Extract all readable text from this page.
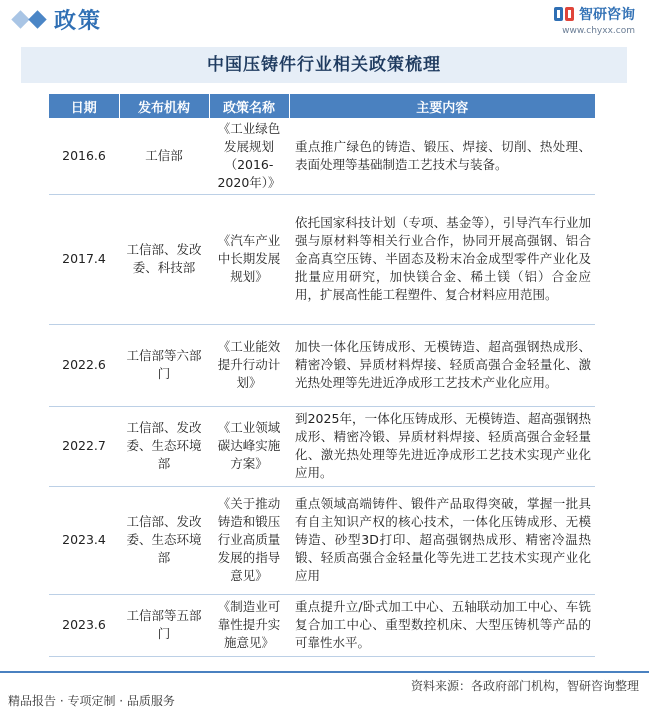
政策	智研咨询
www.chyxx.com
中国压铸件行业相关政策梳理
日期	发布机构	政策名称	主要内容
2016.6	工信部	《工业绿色发展规划（2016-2020年）》	重点推广绿色的铸造、锻压、焊接、切削、热处理、表面处理等基础制造工艺技术与装备。
2017.4	工信部、发改委、科技部	《汽车产业中长期发展规划》	依托国家科技计划（专项、基金等），引导汽车行业加强与原材料等相关行业合作，协同开展高强钢、铝合金高真空压铸、半固态及粉末冶金成型零件产业化及批量应用研究，加快镁合金、稀土镁（铝）合金应用，扩展高性能工程塑件、复合材料应用范围。
2022.6	工信部等六部门	《工业能效提升行动计划》	加快一体化压铸成形、无模铸造、超高强钢热成形、精密冷锻、异质材料焊接、轻质高强合金轻量化、激光热处理等先进近净成形工艺技术产业化应用。
2022.7	工信部、发改委、生态环境部	《工业领域碳达峰实施方案》	到2025年，一体化压铸成形、无模铸造、超高强钢热成形、精密冷锻、异质材料焊接、轻质高强合金轻量化、激光热处理等先进近净成形工艺技术实现产业化应用。
2023.4	工信部、发改委、生态环境部	《关于推动铸造和锻压行业高质量发展的指导意见》	重点领域高端铸件、锻件产品取得突破，掌握一批具有自主知识产权的核心技术，一体化压铸成形、无模铸造、砂型3D打印、超高强钢热成形、精密冷温热锻、轻质高强合金轻量化等先进工艺技术实现产业化应用
2023.6	工信部等五部门	《制造业可靠性提升实施意见》	重点提升立/卧式加工中心、五轴联动加工中心、车铣复合加工中心、重型数控机床、大型压铸机等产品的可靠性水平。
资料来源：各政府部门机构，智研咨询整理
精品报告 · 专项定制 · 品质服务
